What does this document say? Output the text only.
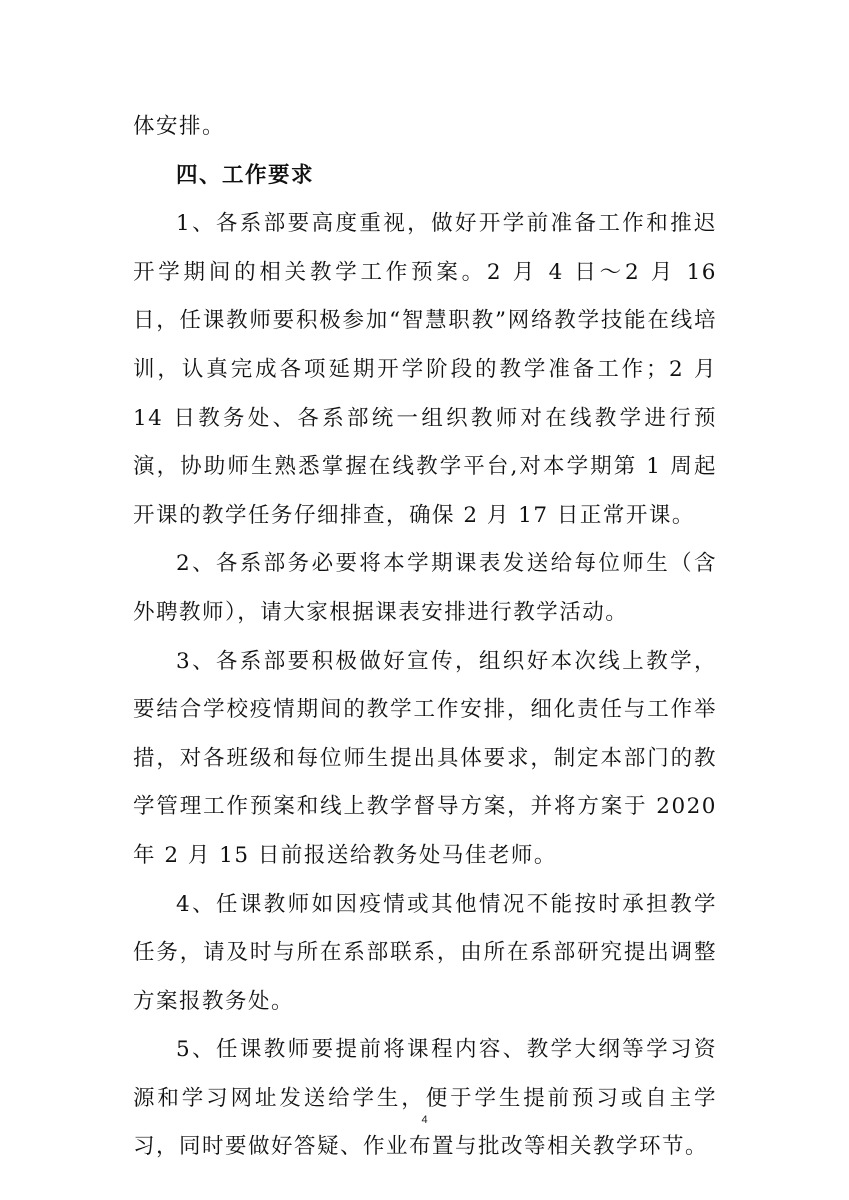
体安排。

四、工作要求

1、各系部要高度重视，做好开学前准备工作和推迟开学期间的相关教学工作预案。2 月 4 日～2 月 16 日，任课教师要积极参加“智慧职教”网络教学技能在线培训，认真完成各项延期开学阶段的教学准备工作；2 月 14 日教务处、各系部统一组织教师对在线教学进行预演，协助师生熟悉掌握在线教学平台,对本学期第 1 周起开课的教学任务仔细排查，确保 2 月 17 日正常开课。

2、各系部务必要将本学期课表发送给每位师生（含外聘教师），请大家根据课表安排进行教学活动。

3、各系部要积极做好宣传，组织好本次线上教学，要结合学校疫情期间的教学工作安排，细化责任与工作举措，对各班级和每位师生提出具体要求，制定本部门的教学管理工作预案和线上教学督导方案，并将方案于 2020 年 2 月 15 日前报送给教务处马佳老师。

4、任课教师如因疫情或其他情况不能按时承担教学任务，请及时与所在系部联系，由所在系部研究提出调整方案报教务处。

5、任课教师要提前将课程内容、教学大纲等学习资源和学习网址发送给学生，便于学生提前预习或自主学习，同时要做好答疑、作业布置与批改等相关教学环节。

4
